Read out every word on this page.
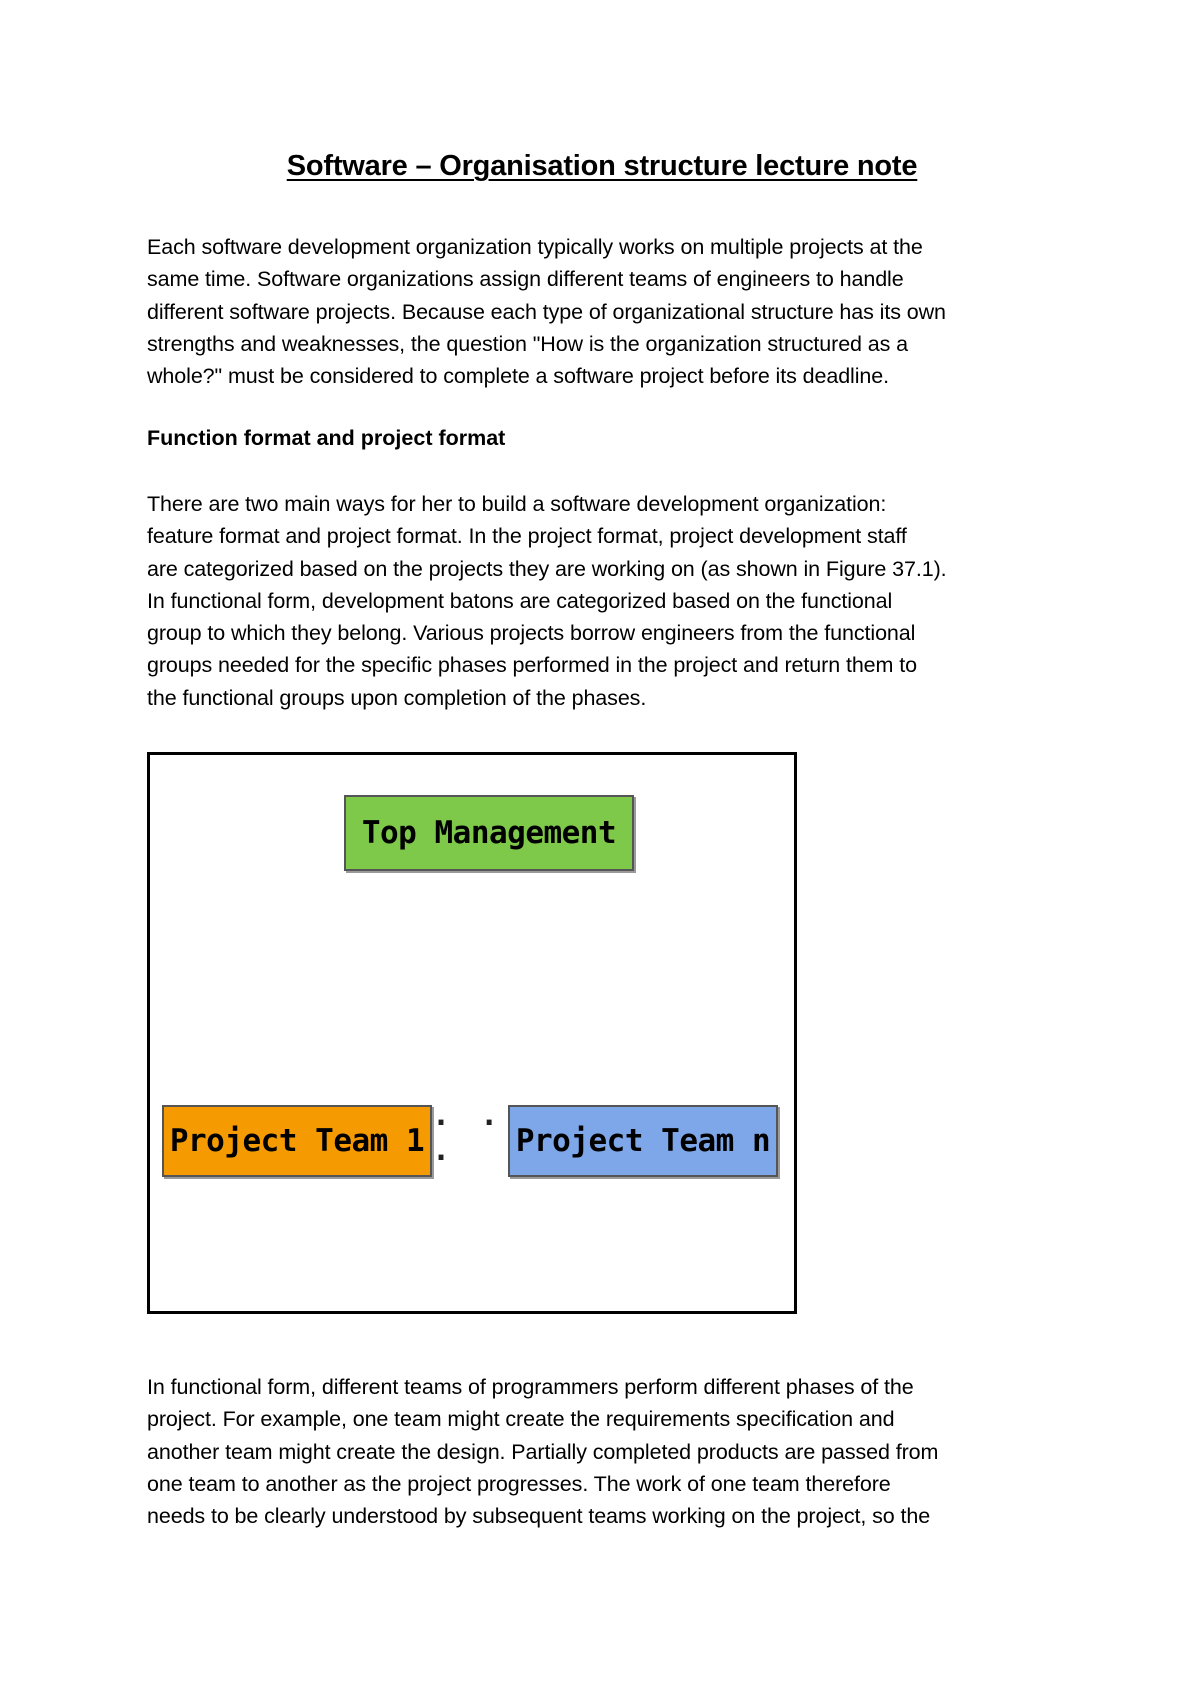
Software – Organisation structure lecture note

Each software development organization typically works on multiple projects at the
same time. Software organizations assign different teams of engineers to handle
different software projects. Because each type of organizational structure has its own
strengths and weaknesses, the question "How is the organization structured as a
whole?" must be considered to complete a software project before its deadline.

Function format and project format

There are two main ways for her to build a software development organization:
feature format and project format. In the project format, project development staff
are categorized based on the projects they are working on (as shown in Figure 37.1).
In functional form, development batons are categorized based on the functional
group to which they belong. Various projects borrow engineers from the functional
groups needed for the specific phases performed in the project and return them to
the functional groups upon completion of the phases.

In functional form, different teams of programmers perform different phases of the
project. For example, one team might create the requirements specification and
another team might create the design. Partially completed products are passed from
one team to another as the project progresses. The work of one team therefore
needs to be clearly understood by subsequent teams working on the project, so the

Top Management
Project Team 1 · · ·	Project Team n
